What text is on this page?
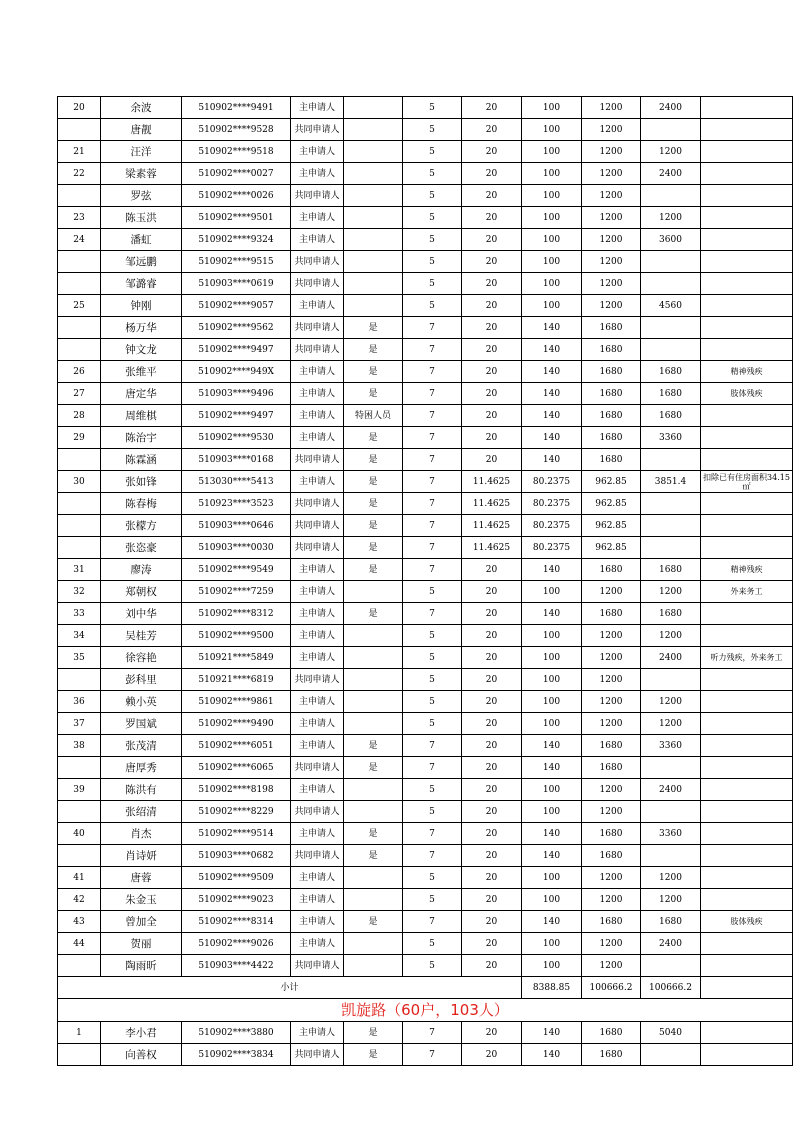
20	余波	510902****9491	主申请人		5	20	100	1200	2400	
	唐靓	510902****9528	共同申请人		5	20	100	1200		
21	汪洋	510902****9518	主申请人		5	20	100	1200	1200	
22	梁素蓉	510902****0027	主申请人		5	20	100	1200	2400	
	罗弦	510902****0026	共同申请人		5	20	100	1200		
23	陈玉洪	510902****9501	主申请人		5	20	100	1200	1200	
24	潘虹	510902****9324	主申请人		5	20	100	1200	3600	
	邹远鹏	510902****9515	共同申请人		5	20	100	1200		
	邹潞睿	510903****0619	共同申请人		5	20	100	1200		
25	钟刚	510902****9057	主申请人		5	20	100	1200	4560	
	杨万华	510902****9562	共同申请人	是	7	20	140	1680		
	钟文龙	510902****9497	共同申请人	是	7	20	140	1680		
26	张维平	510902****949X	主申请人	是	7	20	140	1680	1680	精神残疾
27	唐定华	510903****9496	主申请人	是	7	20	140	1680	1680	肢体残疾
28	周维棋	510902****9497	主申请人	特困人员	7	20	140	1680	1680	
29	陈治宇	510902****9530	主申请人	是	7	20	140	1680	3360	
	陈霖涵	510903****0168	共同申请人	是	7	20	140	1680		
30	张如锋	513030****5413	主申请人	是	7	11.4625	80.2375	962.85	3851.4	扣除已有住房面积34.15㎡
	陈春梅	510923****3523	共同申请人	是	7	11.4625	80.2375	962.85		
	张檬方	510903****0646	共同申请人	是	7	11.4625	80.2375	962.85		
	张恣豪	510903****0030	共同申请人	是	7	11.4625	80.2375	962.85		
31	廖涛	510902****9549	主申请人	是	7	20	140	1680	1680	精神残疾
32	郑朝权	510902****7259	主申请人		5	20	100	1200	1200	外来务工
33	刘中华	510902****8312	主申请人	是	7	20	140	1680	1680	
34	吴桂芳	510902****9500	主申请人		5	20	100	1200	1200	
35	徐容艳	510921****5849	主申请人		5	20	100	1200	2400	听力残疾，外来务工
	彭科里	510921****6819	共同申请人		5	20	100	1200		
36	赖小英	510902****9861	主申请人		5	20	100	1200	1200	
37	罗国斌	510902****9490	主申请人		5	20	100	1200	1200	
38	张茂清	510902****6051	主申请人	是	7	20	140	1680	3360	
	唐厚秀	510902****6065	共同申请人	是	7	20	140	1680		
39	陈洪有	510902****8198	主申请人		5	20	100	1200	2400	
	张绍清	510902****8229	共同申请人		5	20	100	1200		
40	肖杰	510902****9514	主申请人	是	7	20	140	1680	3360	
	肖诗妍	510903****0682	共同申请人	是	7	20	140	1680		
41	唐蓉	510902****9509	主申请人		5	20	100	1200	1200	
42	朱金玉	510902****9023	主申请人		5	20	100	1200	1200	
43	曾加全	510902****8314	主申请人	是	7	20	140	1680	1680	肢体残疾
44	贺丽	510902****9026	主申请人		5	20	100	1200	2400	
	陶雨昕	510903****4422	共同申请人		5	20	100	1200		
小计							8388.85	100666.2	100666.2	
凯旋路（60户，103人）										
1	李小君	510902****3880	主申请人	是	7	20	140	1680	5040	
	向善权	510902****3834	共同申请人	是	7	20	140	1680		
